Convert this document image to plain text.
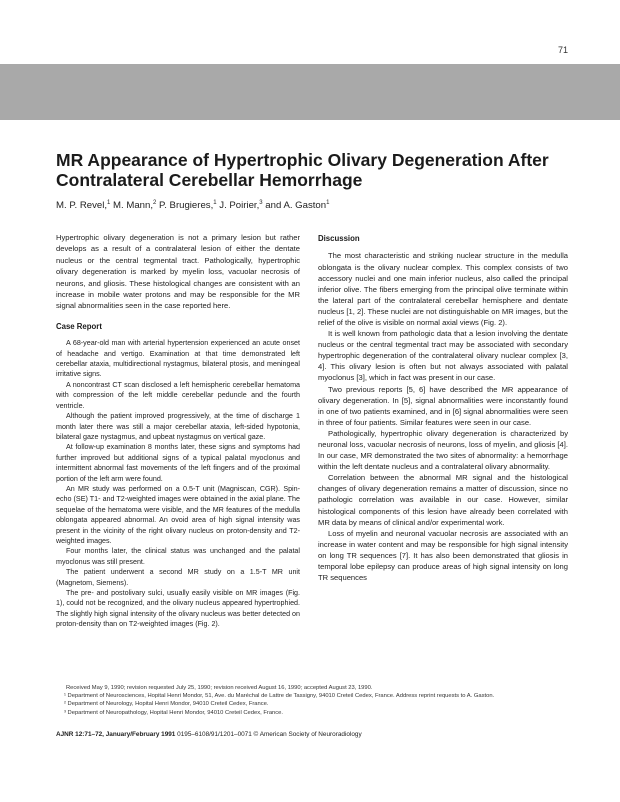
71
MR Appearance of Hypertrophic Olivary Degeneration After Contralateral Cerebellar Hemorrhage

M. P. Revel,$^1$ M. Mann,$^2$ P. Brugieres,$^1$ J. Poirier,$^3$ and A. Gaston$^1$

Hypertrophic olivary degeneration is not a primary lesion but rather develops as a result of a contralateral lesion of either the dentate nucleus or the central tegmental tract. Pathologically, hypertrophic olivary degeneration is marked by myelin loss, vacuolar necrosis of neurons, and gliosis. These histological changes are consistent with an increase in mobile water protons and may be responsible for the MR signal abnormalities seen in the case reported here.

Case Report

A 68-year-old man with arterial hypertension experienced an acute onset of headache and vertigo. Examination at that time demonstrated left cerebellar ataxia, multidirectional nystagmus, bilateral ptosis, and meningeal irritative signs.

A noncontrast CT scan disclosed a left hemispheric cerebellar hematoma with compression of the left middle cerebellar peduncle and the fourth ventricle.

Although the patient improved progressively, at the time of discharge 1 month later there was still a major cerebellar ataxia, left-sided hypotonia, bilateral gaze nystagmus, and upbeat nystagmus on vertical gaze.

At follow-up examination 8 months later, these signs and symptoms had further improved but additional signs of a typical palatal myoclonus and intermittent abnormal fast movements of the left fingers and of the proximal portion of the left arm were found.

An MR study was performed on a 0.5-T unit (Magniscan, CGR). Spin-echo (SE) T1- and T2-weighted images were obtained in the axial plane. The sequelae of the hematoma were visible, and the MR features of the medulla oblongata appeared abnormal. An ovoid area of high signal intensity was present in the vicinity of the right olivary nucleus on proton-density and T2-weighted images.

Four months later, the clinical status was unchanged and the palatal myoclonus was still present.

The patient underwent a second MR study on a 1.5-T MR unit (Magnetom, Siemens).

The pre- and postolivary sulci, usually easily visible on MR images (Fig. 1), could not be recognized, and the olivary nucleus appeared hypertrophied. The slightly high signal intensity of the olivary nucleus was better detected on proton-density than on T2-weighted images (Fig. 2).

Discussion

The most characteristic and striking nuclear structure in the medulla oblongata is the olivary nuclear complex. This complex consists of two accessory nuclei and one main inferior nucleus, also called the principal inferior olive. The fibers emerging from the principal olive terminate within the lateral part of the contralateral cerebellar hemisphere and dentate nucleus [1, 2]. These nuclei are not distinguishable on MR images, but the relief of the olive is visible on normal axial views (Fig. 2).

It is well known from pathologic data that a lesion involving the dentate nucleus or the central tegmental tract may be associated with secondary hypertrophic degeneration of the contralateral olivary nuclear complex [3, 4]. This olivary lesion is often but not always associated with palatal myoclonus [3], which in fact was present in our case.

Two previous reports [5, 6] have described the MR appearance of olivary degeneration. In [5], signal abnormalities were inconstantly found in one of two patients examined, and in [6] signal abnormalities were seen in three of four patients. Similar features were seen in our case.

Pathologically, hypertrophic olivary degeneration is characterized by neuronal loss, vacuolar necrosis of neurons, loss of myelin, and gliosis [4]. In our case, MR demonstrated the two sites of abnormality: a hemorrhage within the left dentate nucleus and a contralateral olivary abnormality.

Correlation between the abnormal MR signal and the histological changes of olivary degeneration remains a matter of discussion, since no pathologic correlation was available in our case. However, similar histological components of this lesion have already been correlated with MR data by means of clinical and/or experimental work.

Loss of myelin and neuronal vacuolar necrosis are associated with an increase in water content and may be responsible for high signal intensity on long TR sequences [7]. It has also been demonstrated that gliosis in temporal lobe epilepsy can produce areas of high signal intensity on long TR sequences

Received May 9, 1990; revision requested July 25, 1990; revision received August 16, 1990; accepted August 23, 1990.

¹ Department of Neurosciences, Hopital Henri Mondor, 51, Ave. du Maréchal de Lattre de Tassigny, 94010 Creteil Cedex, France. Address reprint requests to A. Gaston.

² Department of Neurology, Hopital Henri Mondor, 94010 Creteil Cedex, France.

³ Department of Neuropathology, Hopital Henri Mondor, 94010 Creteil Cedex, France.

AJNR 12:71–72, January/February 1991 0195–6108/91/1201–0071 © American Society of Neuroradiology
